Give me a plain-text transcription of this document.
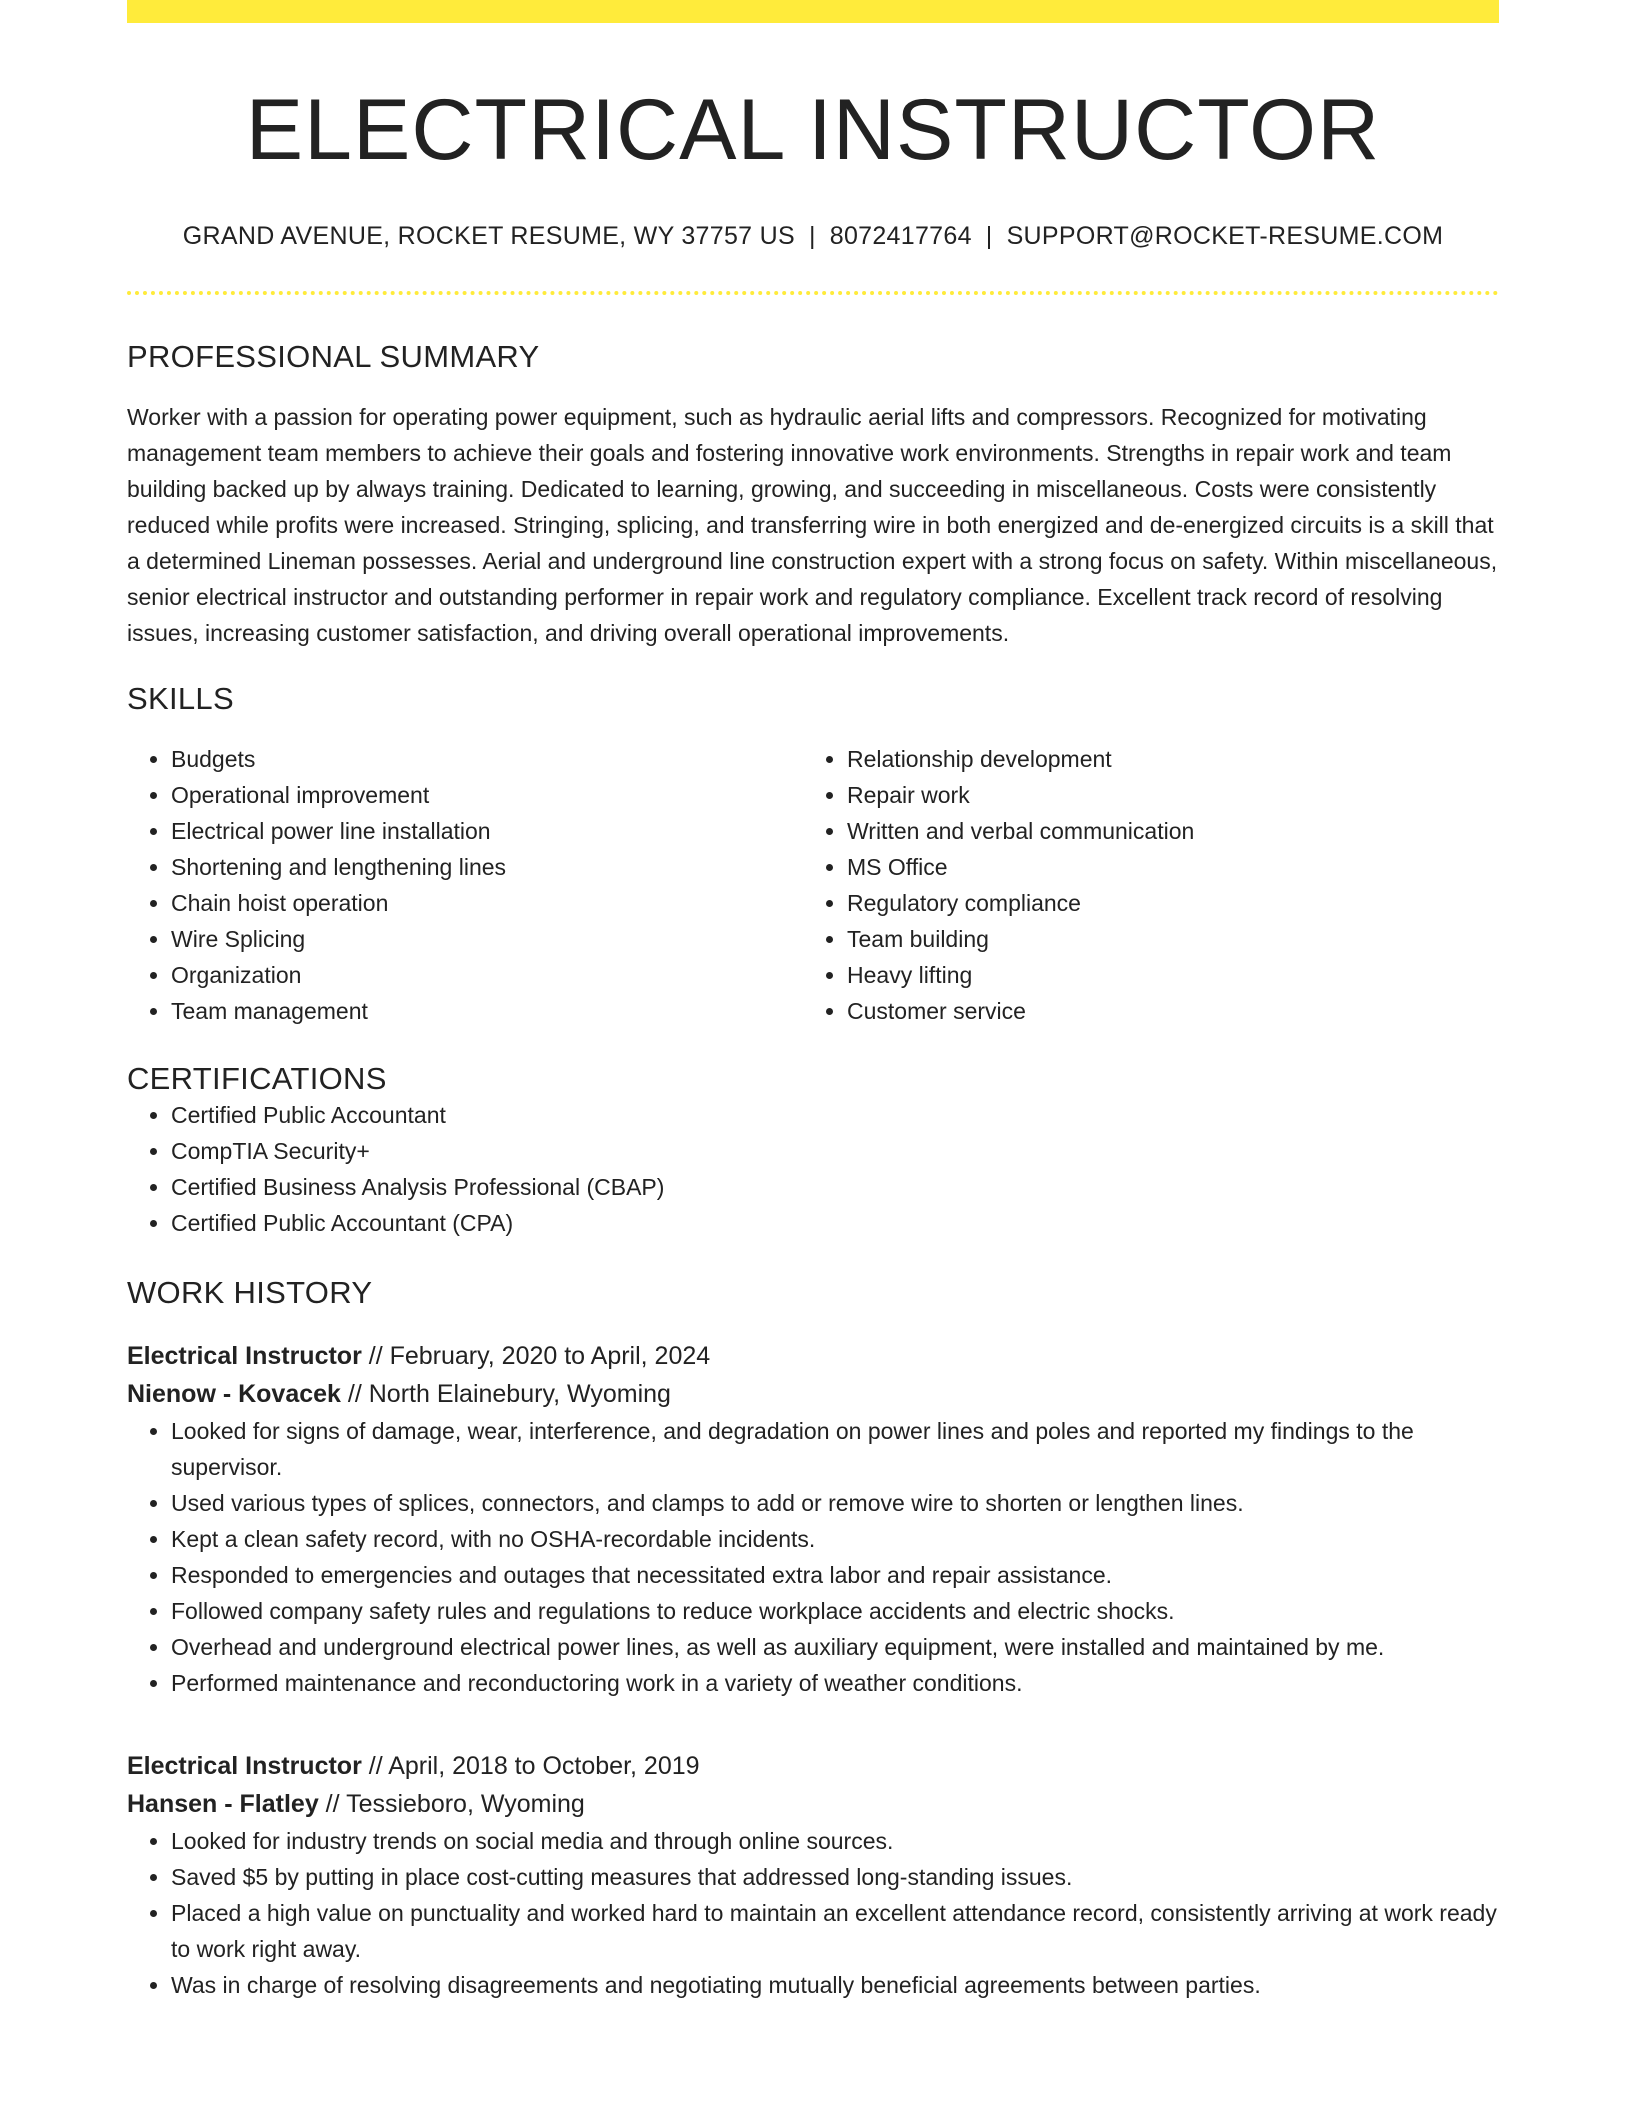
ELECTRICAL INSTRUCTOR
GRAND AVENUE, ROCKET RESUME, WY 37757 US | 8072417764 | SUPPORT@ROCKET-RESUME.COM
PROFESSIONAL SUMMARY
Worker with a passion for operating power equipment, such as hydraulic aerial lifts and compressors. Recognized for motivating management team members to achieve their goals and fostering innovative work environments. Strengths in repair work and team building backed up by always training. Dedicated to learning, growing, and succeeding in miscellaneous. Costs were consistently reduced while profits were increased. Stringing, splicing, and transferring wire in both energized and de-energized circuits is a skill that a determined Lineman possesses. Aerial and underground line construction expert with a strong focus on safety. Within miscellaneous, senior electrical instructor and outstanding performer in repair work and regulatory compliance. Excellent track record of resolving issues, increasing customer satisfaction, and driving overall operational improvements.
SKILLS
• Budgets
• Operational improvement
• Electrical power line installation
• Shortening and lengthening lines
• Chain hoist operation
• Wire Splicing
• Organization
• Team management
• Relationship development
• Repair work
• Written and verbal communication
• MS Office
• Regulatory compliance
• Team building
• Heavy lifting
• Customer service
CERTIFICATIONS
• Certified Public Accountant
• CompTIA Security+
• Certified Business Analysis Professional (CBAP)
• Certified Public Accountant (CPA)
WORK HISTORY
Electrical Instructor // February, 2020 to April, 2024
Nienow - Kovacek // North Elainebury, Wyoming
• Looked for signs of damage, wear, interference, and degradation on power lines and poles and reported my findings to the supervisor.
• Used various types of splices, connectors, and clamps to add or remove wire to shorten or lengthen lines.
• Kept a clean safety record, with no OSHA-recordable incidents.
• Responded to emergencies and outages that necessitated extra labor and repair assistance.
• Followed company safety rules and regulations to reduce workplace accidents and electric shocks.
• Overhead and underground electrical power lines, as well as auxiliary equipment, were installed and maintained by me.
• Performed maintenance and reconductoring work in a variety of weather conditions.
Electrical Instructor // April, 2018 to October, 2019
Hansen - Flatley // Tessieboro, Wyoming
• Looked for industry trends on social media and through online sources.
• Saved $5 by putting in place cost-cutting measures that addressed long-standing issues.
• Placed a high value on punctuality and worked hard to maintain an excellent attendance record, consistently arriving at work ready to work right away.
• Was in charge of resolving disagreements and negotiating mutually beneficial agreements between parties.
